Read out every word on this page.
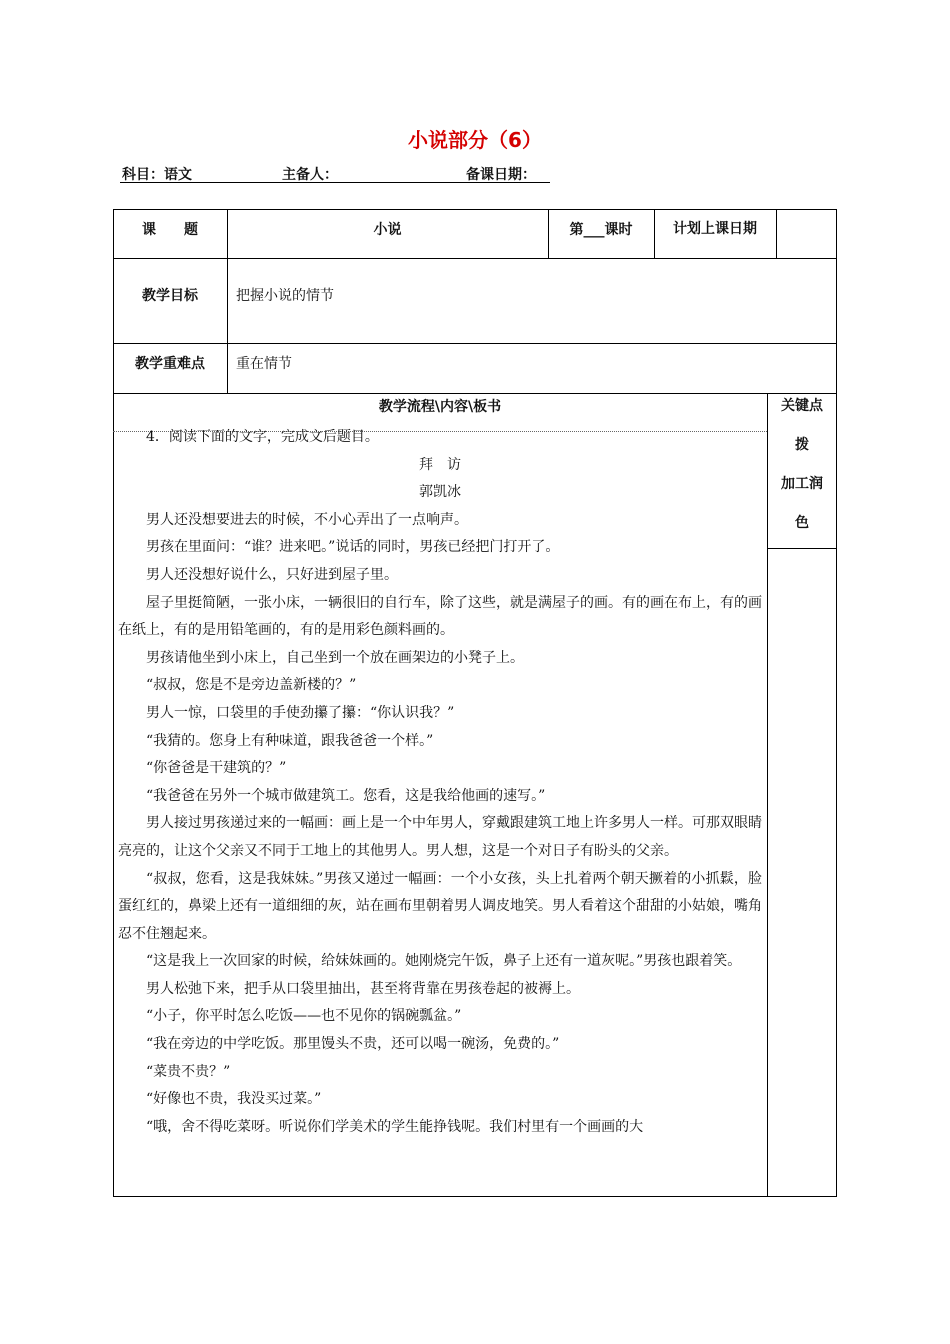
小说部分（6）
科目：语文	主备人：	备课日期：
课　　题	小说	第___课时	计划上课日期
教学目标	把握小说的情节
教学重难点	重在情节
教学流程\内容\板书	关键点
拨
加工润
色

4．阅读下面的文字，完成文后题目。

拜　访

郭凯冰

男人还没想要进去的时候，不小心弄出了一点响声。

男孩在里面问：“谁？进来吧。”说话的同时，男孩已经把门打开了。

男人还没想好说什么，只好进到屋子里。

屋子里挺简陋，一张小床，一辆很旧的自行车，除了这些，就是满屋子的画。有的画在布上，有的画在纸上，有的是用铅笔画的，有的是用彩色颜料画的。

男孩请他坐到小床上，自己坐到一个放在画架边的小凳子上。

“叔叔，您是不是旁边盖新楼的？”

男人一惊，口袋里的手使劲攥了攥：“你认识我？”

“我猜的。您身上有种味道，跟我爸爸一个样。”

“你爸爸是干建筑的？”

“我爸爸在另外一个城市做建筑工。您看，这是我给他画的速写。”

男人接过男孩递过来的一幅画：画上是一个中年男人，穿戴跟建筑工地上许多男人一样。可那双眼睛亮亮的，让这个父亲又不同于工地上的其他男人。男人想，这是一个对日子有盼头的父亲。

“叔叔，您看，这是我妹妹。”男孩又递过一幅画：一个小女孩，头上扎着两个朝天撅着的小抓鬏，脸蛋红红的，鼻梁上还有一道细细的灰，站在画布里朝着男人调皮地笑。男人看着这个甜甜的小姑娘，嘴角忍不住翘起来。

“这是我上一次回家的时候，给妹妹画的。她刚烧完午饭，鼻子上还有一道灰呢。”男孩也跟着笑。

男人松弛下来，把手从口袋里抽出，甚至将背靠在男孩卷起的被褥上。

“小子，你平时怎么吃饭——也不见你的锅碗瓢盆。”

“我在旁边的中学吃饭。那里馒头不贵，还可以喝一碗汤，免费的。”

“菜贵不贵？”

“好像也不贵，我没买过菜。”

“哦，舍不得吃菜呀。听说你们学美术的学生能挣钱呢。我们村里有一个画画的大
